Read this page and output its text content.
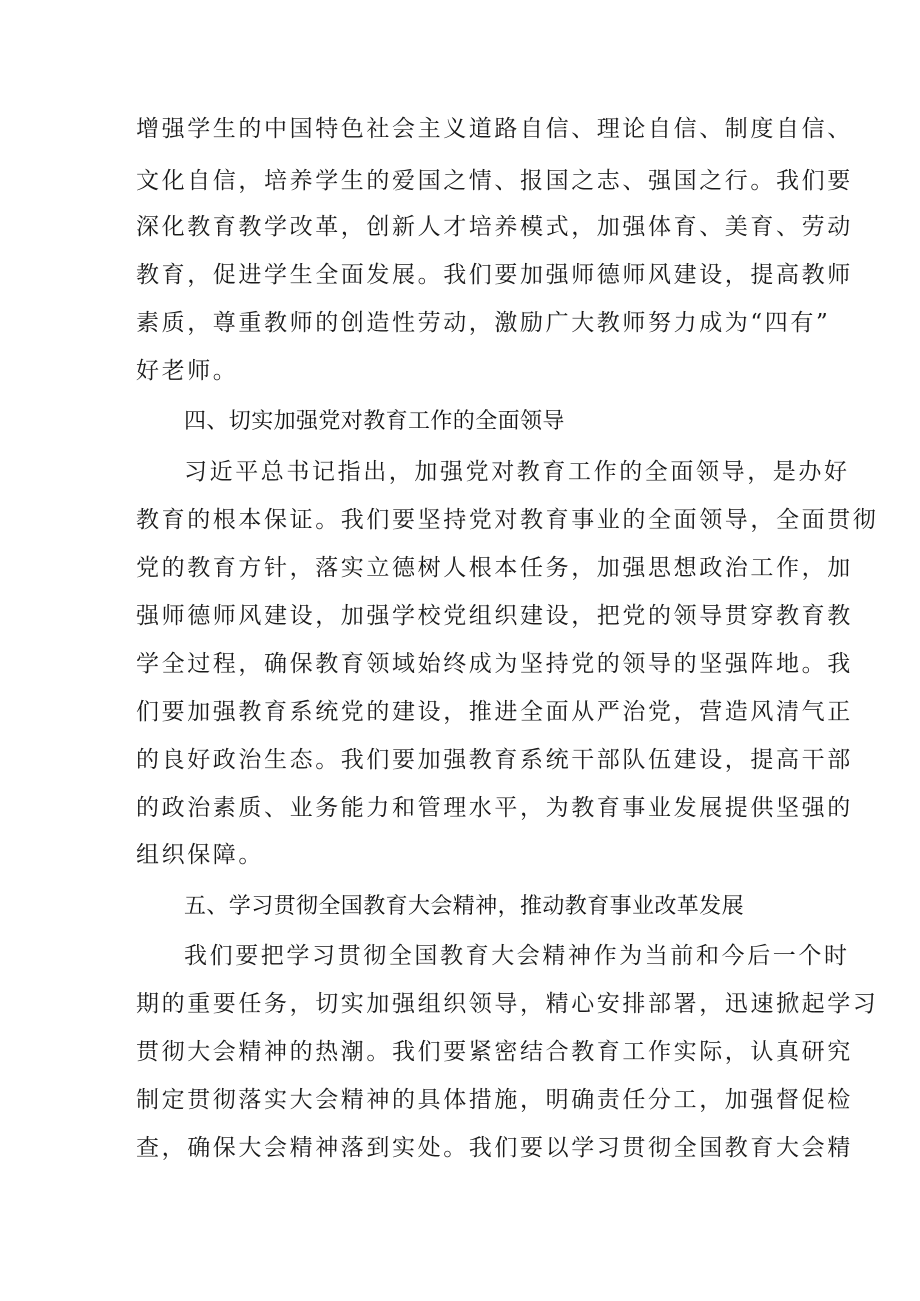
增强学生的中国特色社会主义道路自信、理论自信、制度自信、
文化自信，培养学生的爱国之情、报国之志、强国之行。我们要
深化教育教学改革，创新人才培养模式，加强体育、美育、劳动
教育，促进学生全面发展。我们要加强师德师风建设，提高教师
素质，尊重教师的创造性劳动，激励广大教师努力成为“四有”
好老师。
四、切实加强党对教育工作的全面领导
习近平总书记指出，加强党对教育工作的全面领导，是办好
教育的根本保证。我们要坚持党对教育事业的全面领导，全面贯彻
党的教育方针，落实立德树人根本任务，加强思想政治工作，加
强师德师风建设，加强学校党组织建设，把党的领导贯穿教育教
学全过程，确保教育领域始终成为坚持党的领导的坚强阵地。我
们要加强教育系统党的建设，推进全面从严治党，营造风清气正
的良好政治生态。我们要加强教育系统干部队伍建设，提高干部
的政治素质、业务能力和管理水平，为教育事业发展提供坚强的
组织保障。
五、学习贯彻全国教育大会精神，推动教育事业改革发展
我们要把学习贯彻全国教育大会精神作为当前和今后一个时
期的重要任务，切实加强组织领导，精心安排部署，迅速掀起学习
贯彻大会精神的热潮。我们要紧密结合教育工作实际，认真研究
制定贯彻落实大会精神的具体措施，明确责任分工，加强督促检
查，确保大会精神落到实处。我们要以学习贯彻全国教育大会精
